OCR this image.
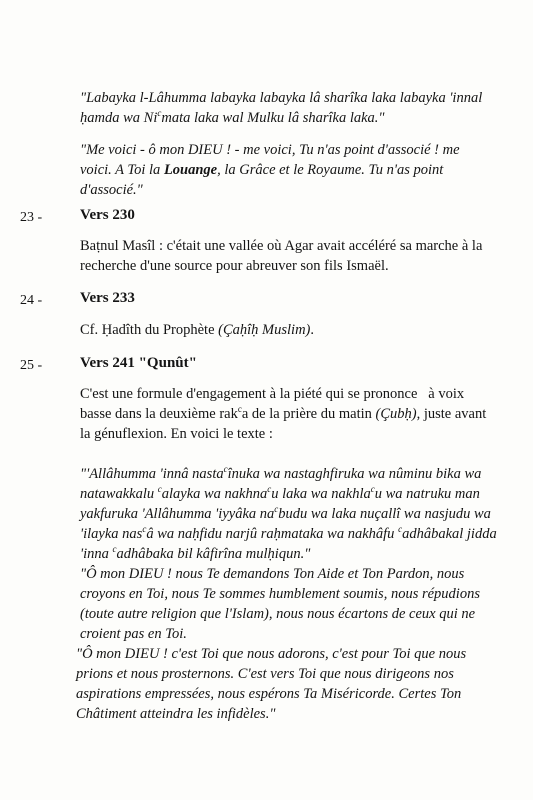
"Labayka l-Lâhumma labayka labayka lâ sharîka laka labayka 'innal
ḥamda wa Ni$^c$mata laka wal Mulku lâ sharîka laka."
"Me voici - ô mon DIEU ! - me voici, Tu n'as point d'associé ! me
voici. A Toi la Louange, la Grâce et le Royaume. Tu n'as point
d'associé."
23 -	Vers 230
Baṭnul Masîl : c'était une vallée où Agar avait accéléré sa marche à la
recherche d'une source pour abreuver son fils Ismaël.
24 -	Vers 233
Cf. Ḥadîth du Prophète (Çaḥîḥ Muslim).
25 -	Vers 241 "Qunût"
C'est une formule d'engagement à la piété qui se prononce   à voix
basse dans la deuxième rak$^c$a de la prière du matin (Çubḥ), juste avant
la génuflexion. En voici le texte :
"'Allâhumma 'innâ nasta$^c$înuka wa nastaghfiruka wa nûminu bika wa
natawakkalu $^c$alayka wa nakhna$^c$u laka wa nakhla$^c$u wa natruku man
yakfuruka 'Allâhumma 'iyyâka $na^cbudu$ wa laka nuçallî wa nasjudu wa
'ilayka nas$^c$â wa naḥfidu narjû raḥmataka wa nakhâfu $^c$adhâbakal jidda
'inna $^c$adhâbaka bil kâfirîna mulḥiqun."
"Ô mon DIEU ! nous Te demandons Ton Aide et Ton Pardon, nous
croyons en Toi, nous Te sommes humblement soumis, nous répudions
(toute autre religion que l'Islam), nous nous écartons de ceux qui ne
croient pas en Toi.
"Ô mon DIEU ! c'est Toi que nous adorons, c'est pour Toi que nous
prions et nous prosternons. C'est vers Toi que nous dirigeons nos
aspirations empressées, nous espérons Ta Miséricorde. Certes Ton
Châtiment atteindra les infidèles."
